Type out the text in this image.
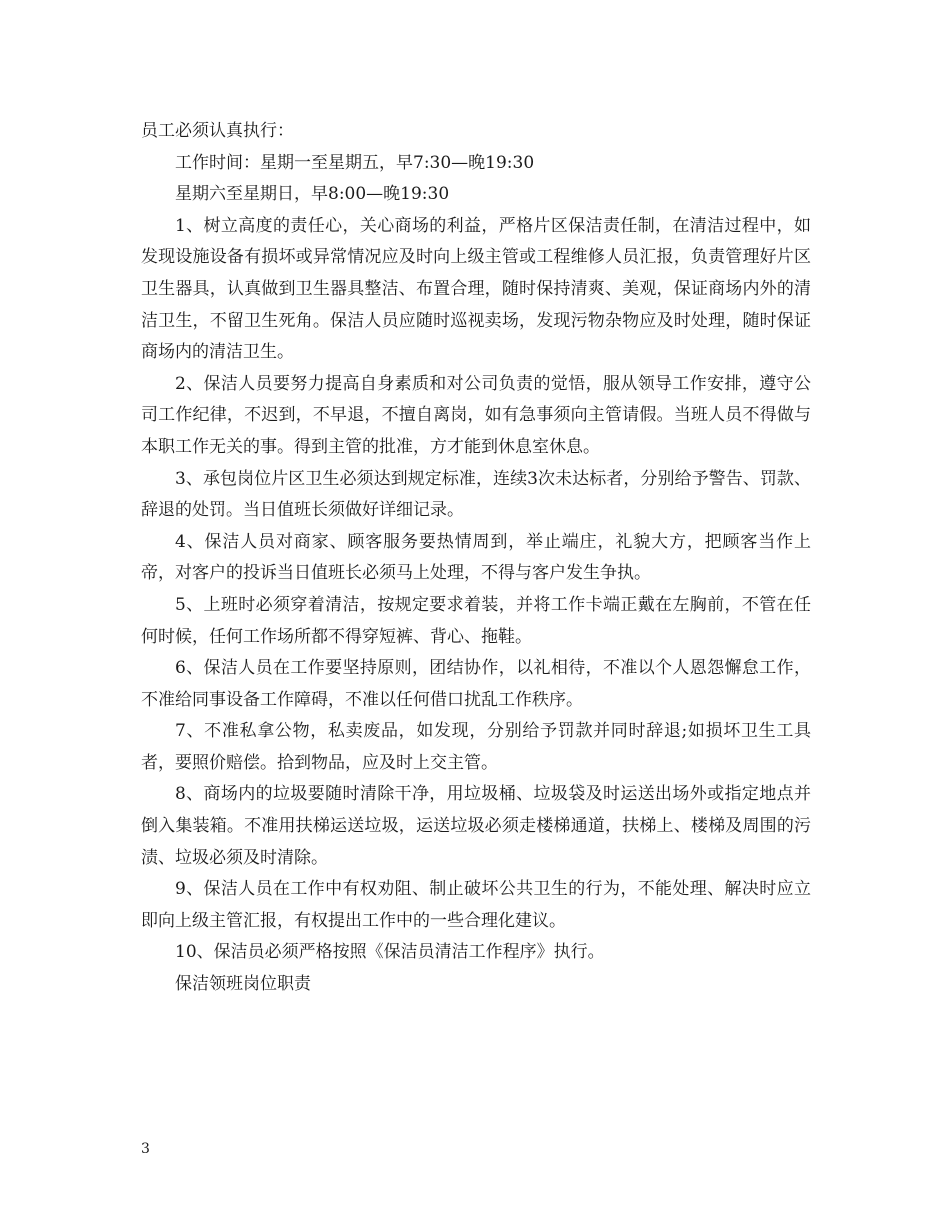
员工必须认真执行：

工作时间：星期一至星期五，早7:30—晚19:30

星期六至星期日，早8:00—晚19:30

1、树立高度的责任心，关心商场的利益，严格片区保洁责任制，在清洁过程中，如发现设施设备有损坏或异常情况应及时向上级主管或工程维修人员汇报，负责管理好片区卫生器具，认真做到卫生器具整洁、布置合理，随时保持清爽、美观，保证商场内外的清洁卫生，不留卫生死角。保洁人员应随时巡视卖场，发现污物杂物应及时处理，随时保证商场内的清洁卫生。

2、保洁人员要努力提高自身素质和对公司负责的觉悟，服从领导工作安排，遵守公司工作纪律，不迟到，不早退，不擅自离岗，如有急事须向主管请假。当班人员不得做与本职工作无关的事。得到主管的批准，方才能到休息室休息。

3、承包岗位片区卫生必须达到规定标准，连续3次未达标者，分别给予警告、罚款、辞退的处罚。当日值班长须做好详细记录。

4、保洁人员对商家、顾客服务要热情周到，举止端庄，礼貌大方，把顾客当作上帝，对客户的投诉当日值班长必须马上处理，不得与客户发生争执。

5、上班时必须穿着清洁，按规定要求着装，并将工作卡端正戴在左胸前，不管在任何时候，任何工作场所都不得穿短裤、背心、拖鞋。

6、保洁人员在工作要坚持原则，团结协作，以礼相待，不准以个人恩怨懈怠工作，不准给同事设备工作障碍，不准以任何借口扰乱工作秩序。

7、不准私拿公物，私卖废品，如发现，分别给予罚款并同时辞退;如损坏卫生工具者，要照价赔偿。拾到物品，应及时上交主管。

8、商场内的垃圾要随时清除干净，用垃圾桶、垃圾袋及时运送出场外或指定地点并倒入集装箱。不准用扶梯运送垃圾，运送垃圾必须走楼梯通道，扶梯上、楼梯及周围的污渍、垃圾必须及时清除。

9、保洁人员在工作中有权劝阻、制止破坏公共卫生的行为，不能处理、解决时应立即向上级主管汇报，有权提出工作中的一些合理化建议。

10、保洁员必须严格按照《保洁员清洁工作程序》执行。

保洁领班岗位职责

3
